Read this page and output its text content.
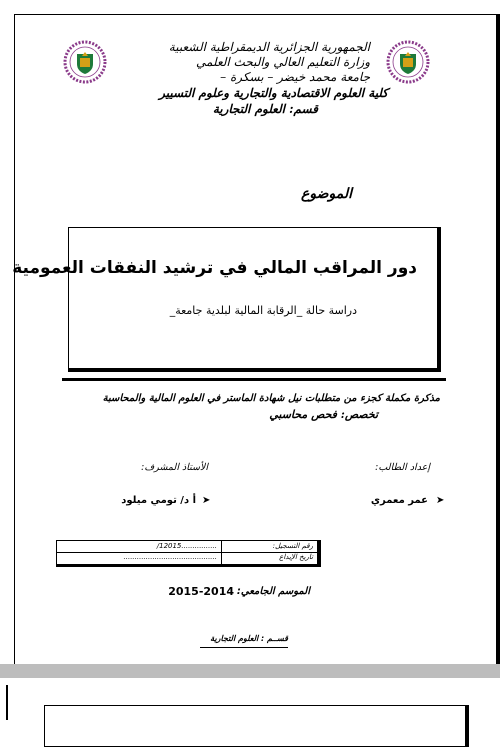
الجمهورية الجزائرية الديمقراطية الشعبية
وزارة التعليم العالي والبحث العلمي
جامعة محمد خيضر – بسكرة –
كلية العلوم الاقتصادية والتجارية وعلوم التسيير
قسم: العلوم التجارية
الموضوع
دور المراقب المالي في ترشيد النفقات العمومية
دراسة حالة _الرقابة المالية لبلدية جامعة_
مذكرة مكملة كجزء من متطلبات نيل شهادة الماستر في العلوم المالية والمحاسبة
تخصص: فحص محاسبي
إعداد الطالب:
الأستاذ المشرف:
➤
عمر معمري
➤
أ د/ تومي ميلود
رقم التسجيل:
................12015/
تاريخ الإيداع
..........................................
الموسم الجامعي:
2015-2014
قســم : العلوم التجارية
